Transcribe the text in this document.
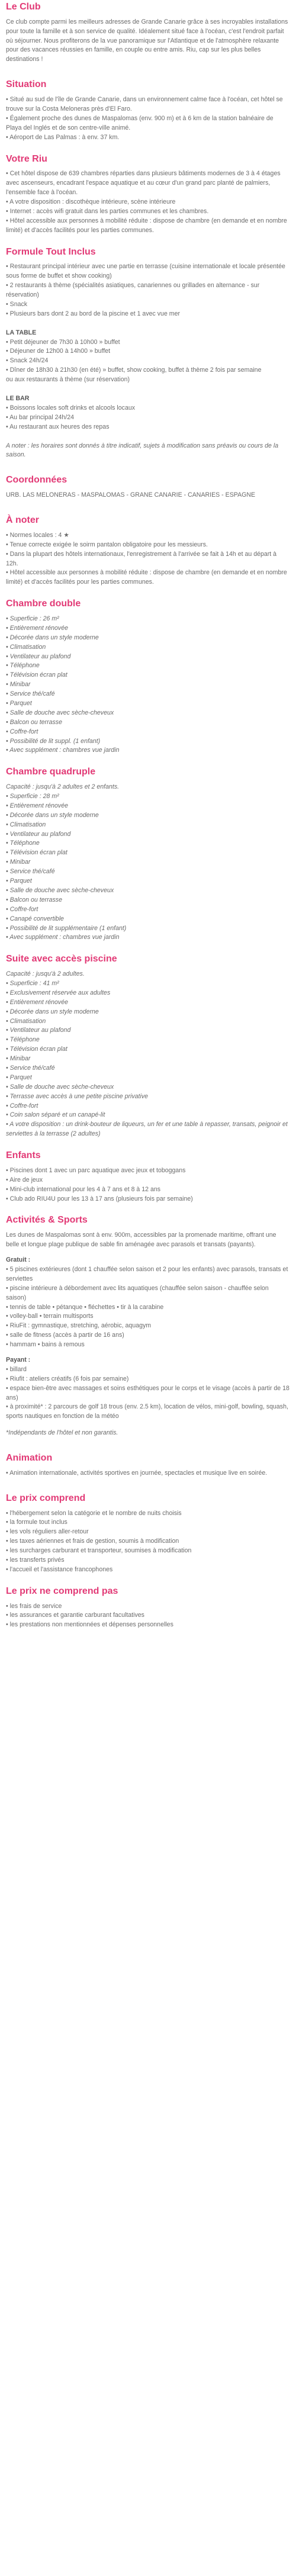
Le Club

Ce club compte parmi les meilleurs adresses de Grande Canarie grâce à ses incroyables installations pour toute la famille et à son service de qualité. Idéalement situé face à l'océan, c'est l'endroit parfait où séjourner. Nous profiterons de la vue panoramique sur l'Atlantique et de l'atmosphère relaxante pour des vacances réussies en famille, en couple ou entre amis. Riu, cap sur les plus belles destinations !

Situation
• Situé au sud de l'île de Grande Canarie, dans un environnement calme face à l'océan, cet hôtel se trouve sur la Costa Meloneras près d'El Faro.
• Également proche des dunes de Maspalomas (env. 900 m) et à 6 km de la station balnéaire de Playa del Inglés et de son centre-ville animé.
• Aéroport de Las Palmas : à env. 37 km.
Votre Riu
• Cet hôtel dispose de 639 chambres réparties dans plusieurs bâtiments modernes de 3 à 4 étages avec ascenseurs, encadrant l'espace aquatique et au cœur d'un grand parc planté de palmiers, l'ensemble face à l'océan.
• A votre disposition : discothèque intérieure, scène intérieure
• Internet : accès wifi gratuit dans les parties communes et les chambres.
• Hôtel accessible aux personnes à mobilité réduite : dispose de chambre (en demande et en nombre limité) et d'accès facilités pour les parties communes.
Formule Tout Inclus
• Restaurant principal intérieur avec une partie en terrasse (cuisine internationale et locale présentée sous forme de buffet et show cooking)
• 2 restaurants à thème (spécialités asiatiques, canariennes ou grillades en alternance - sur réservation)
• Snack
• Plusieurs bars dont 2 au bord de la piscine et 1 avec vue mer
LA TABLE
• Petit déjeuner de 7h30 à 10h00 » buffet
• Déjeuner de 12h00 à 14h00 » buffet
• Snack 24h/24
• Dîner de 18h30 à 21h30 (en été) » buffet, show cooking, buffet à thème 2 fois par semaine
ou aux restaurants à thème (sur réservation)
LE BAR
• Boissons locales soft drinks et alcools locaux
• Au bar principal 24h/24
• Au restaurant aux heures des repas

A noter : les horaires sont donnés à titre indicatif, sujets à modification sans préavis ou cours de la saison.

Coordonnées

URB. LAS MELONERAS - MASPALOMAS - GRANE CANARIE - CANARIES - ESPAGNE

À noter
• Normes locales : 4 ★
• Tenue correcte exigée le soirm pantalon obligatoire pour les messieurs.
• Dans la plupart des hôtels internationaux, l'enregistrement à l'arrivée se fait à 14h et au départ à 12h.
• Hôtel accessible aux personnes à mobilité réduite : dispose de chambre (en demande et en nombre limité) et d'accès facilités pour les parties communes.
Chambre double
• Superficie : 26 m²
• Entièrement rénovée
• Décorée dans un style moderne
• Climatisation
• Ventilateur au plafond
• Téléphone
• Télévision écran plat
• Minibar
• Service thé/café
• Parquet
• Salle de douche avec sèche-cheveux
• Balcon ou terrasse
• Coffre-fort
• Possibilité de lit suppl. (1 enfant)
• Avec supplément : chambres vue jardin
Chambre quadruple
Capacité : jusqu'à 2 adultes et 2 enfants.
• Superficie : 28 m²
• Entièrement rénovée
• Décorée dans un style moderne
• Climatisation
• Ventilateur au plafond
• Téléphone
• Télévision écran plat
• Minibar
• Service thé/café
• Parquet
• Salle de douche avec sèche-cheveux
• Balcon ou terrasse
• Coffre-fort
• Canapé convertible
• Possibilité de lit supplémentaire (1 enfant)
• Avec supplément : chambres vue jardin
Suite avec accès piscine
Capacité : jusqu'à 2 adultes.
• Superficie : 41 m²
• Exclusivement réservée aux adultes
• Entièrement rénovée
• Décorée dans un style moderne
• Climatisation
• Ventilateur au plafond
• Téléphone
• Télévision écran plat
• Minibar
• Service thé/café
• Parquet
• Salle de douche avec sèche-cheveux
• Terrasse avec accès à une petite piscine privative
• Coffre-fort
• Coin salon séparé et un canapé-lit
• A votre disposition : un drink-bouteur de liqueurs, un fer et une table à repasser, transats, peignoir et serviettes à la terrasse (2 adultes)
Enfants
• Piscines dont 1 avec un parc aquatique avec jeux et toboggans
• Aire de jeux
• Mini-club international pour les 4 à 7 ans et 8 à 12 ans
• Club ado RIU4U pour les 13 à 17 ans (plusieurs fois par semaine)
Activités & Sports

Les dunes de Maspalomas sont à env. 900m, accessibles par la promenade maritime, offrant une belle et longue plage publique de sable fin aménagée avec parasols et transats (payants).

Gratuit :
• 5 piscines extérieures (dont 1 chauffée selon saison et 2 pour les enfants) avec parasols, transats et serviettes
• piscine intérieure à débordement avec lits aquatiques (chauffée selon saison - chauffée selon saison)
• tennis de table • pétanque • fléchettes • tir à la carabine
• volley-ball • terrain multisports
• RiuFit : gymnastique, stretching, aérobic, aquagym
• salle de fitness (accès à partir de 16 ans)
• hammam • bains à remous
Payant :
• billard
• Riufit : ateliers créatifs (6 fois par semaine)
• espace bien-être avec massages et soins esthétiques pour le corps et le visage (accès à partir de 18 ans)
• à proximité* : 2 parcours de golf 18 trous (env. 2.5 km), location de vélos, mini-golf, bowling, squash, sports nautiques en fonction de la météo

*Indépendants de l'hôtel et non garantis.

Animation

• Animation internationale, activités sportives en journée, spectacles et musique live en soirée.

Le prix comprend
• l'hébergement selon la catégorie et le nombre de nuits choisis
• la formule tout inclus
• les vols réguliers aller-retour
• les taxes aériennes et frais de gestion, soumis à modification
• les surcharges carburant et transporteur, soumises à modification
• les transferts privés
• l'accueil et l'assistance francophones
Le prix ne comprend pas
• les frais de service
• les assurances et garantie carburant facultatives
• les prestations non mentionnées et dépenses personnelles
